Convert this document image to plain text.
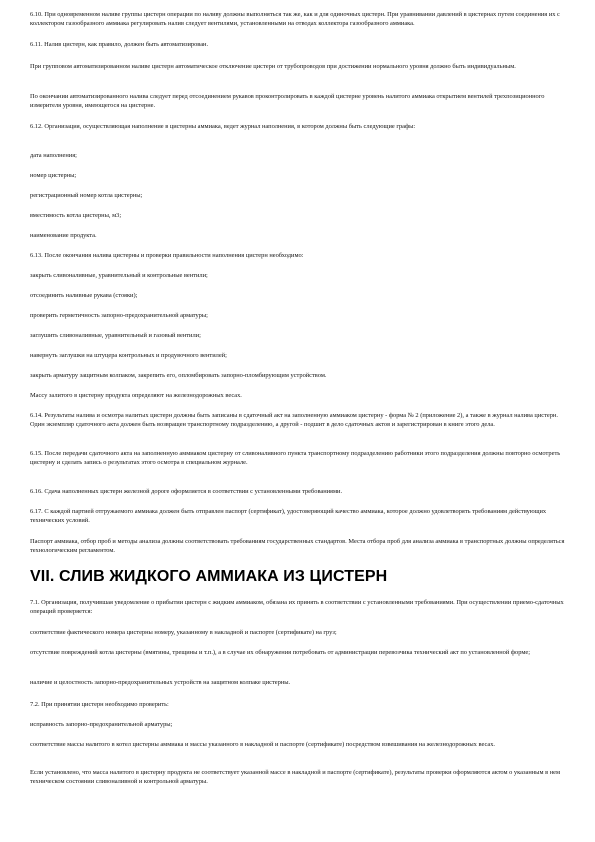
6.10. При одновременном наливе группы цистерн операции по наливу должны выполняться так же, как и для одиночных цистерн. При уравнивании давлений в цистернах путем соединения их с коллектором газообразного аммиака регулировать налив следует вентилями, установленными на отводах коллектора газообразного аммиака.

6.11. Налив цистерн, как правило, должен быть автоматизирован.

При групповом автоматизированном наливе цистерн автоматическое отключение цистерн от трубопроводов при достижении нормального уровня должно быть индивидуальным.

По окончании автоматизированного налива следует перед отсоединением рукавов проконтролировать в каждой цистерне уровень налитого аммиака открытием вентилей трехпозиционного измерителя уровня, имеющегося на цистерне.

6.12. Организация, осуществляющая наполнение в цистерны аммиака, ведет журнал наполнения, в котором должны быть следующие графы:

дата наполнения;

номер цистерны;

регистрационный номер котла цистерны;

вместимость котла цистерны, м3;

наименование продукта.

6.13. После окончания налива цистерны и проверки правильности наполнения цистерн необходимо:

закрыть сливоналивные, уравнительный и контрольные вентили;

отсоединить наливные рукава (стояки);

проверить герметичность запорно-предохранительной арматуры;

заглушить сливоналивные, уравнительный и газовый вентили;

навернуть заглушки на штуцера контрольных и продувочного вентилей;

закрыть арматуру защитным колпаком, закрепить его, опломбировать запорно-пломбирующим устройством.

Массу залитого в цистерну продукта определяют на железнодорожных весах.

6.14. Результаты налива и осмотра налитых цистерн должны быть записаны в сдаточный акт на заполненную аммиаком цистерну - форма № 2 (приложение 2), а также в журнал налива цистерн. Один экземпляр сдаточного акта должен быть возвращен транспортному подразделению, а другой - подшит в дело сдаточных актов и зарегистрирован в книге этого дела.

6.15. После передачи сдаточного акта на заполненную аммиаком цистерну от сливоналивного пункта транспортному подразделению работники этого подразделения должны повторно осмотреть цистерну и сделать запись о результатах этого осмотра в специальном журнале.

6.16. Сдача наполненных цистерн железной дороге оформляется в соответствии с установленными требованиями.

6.17. С каждой партией отгружаемого аммиака должен быть отправлен паспорт (сертификат), удостоверяющий качество аммиака, которое должно удовлетворять требованиям действующих технических условий.

Паспорт аммиака, отбор проб и методы анализа должны соответствовать требованиям государственных стандартов. Места отбора проб для анализа аммиака в транспортных должны определяться технологическим регламентом.

VII. СЛИВ ЖИДКОГО АММИАКА ИЗ ЦИСТЕРН

7.1. Организация, получившая уведомление о прибытии цистерн с жидким аммиаком, обязана их принять в соответствии с установленными требованиями. При осуществлении приемо-сдаточных операций проверяется:

соответствие фактического номера цистерны номеру, указанному в накладной и паспорте (сертификате) на груз;

отсутствие повреждений котла цистерны (вмятины, трещины и т.п.), а в случае их обнаружения потребовать от администрации перевозчика технический акт по установленной форме;

наличие и целостность запорно-предохранительных устройств на защитном колпаке цистерны.

7.2. При принятии цистерн необходимо проверить:

исправность запорно-предохранительной арматуры;

соответствие массы налитого в котел цистерны аммиака и массы указанного в накладной и паспорте (сертификате) посредством взвешивания на железнодорожных весах.

Если установлено, что масса налитого в цистерну продукта не соответствует указанной массе в накладной и паспорте (сертификате), результаты проверки оформляются актом о указанным в нем техническом состоянии сливоналивной и контрольной арматуры.
